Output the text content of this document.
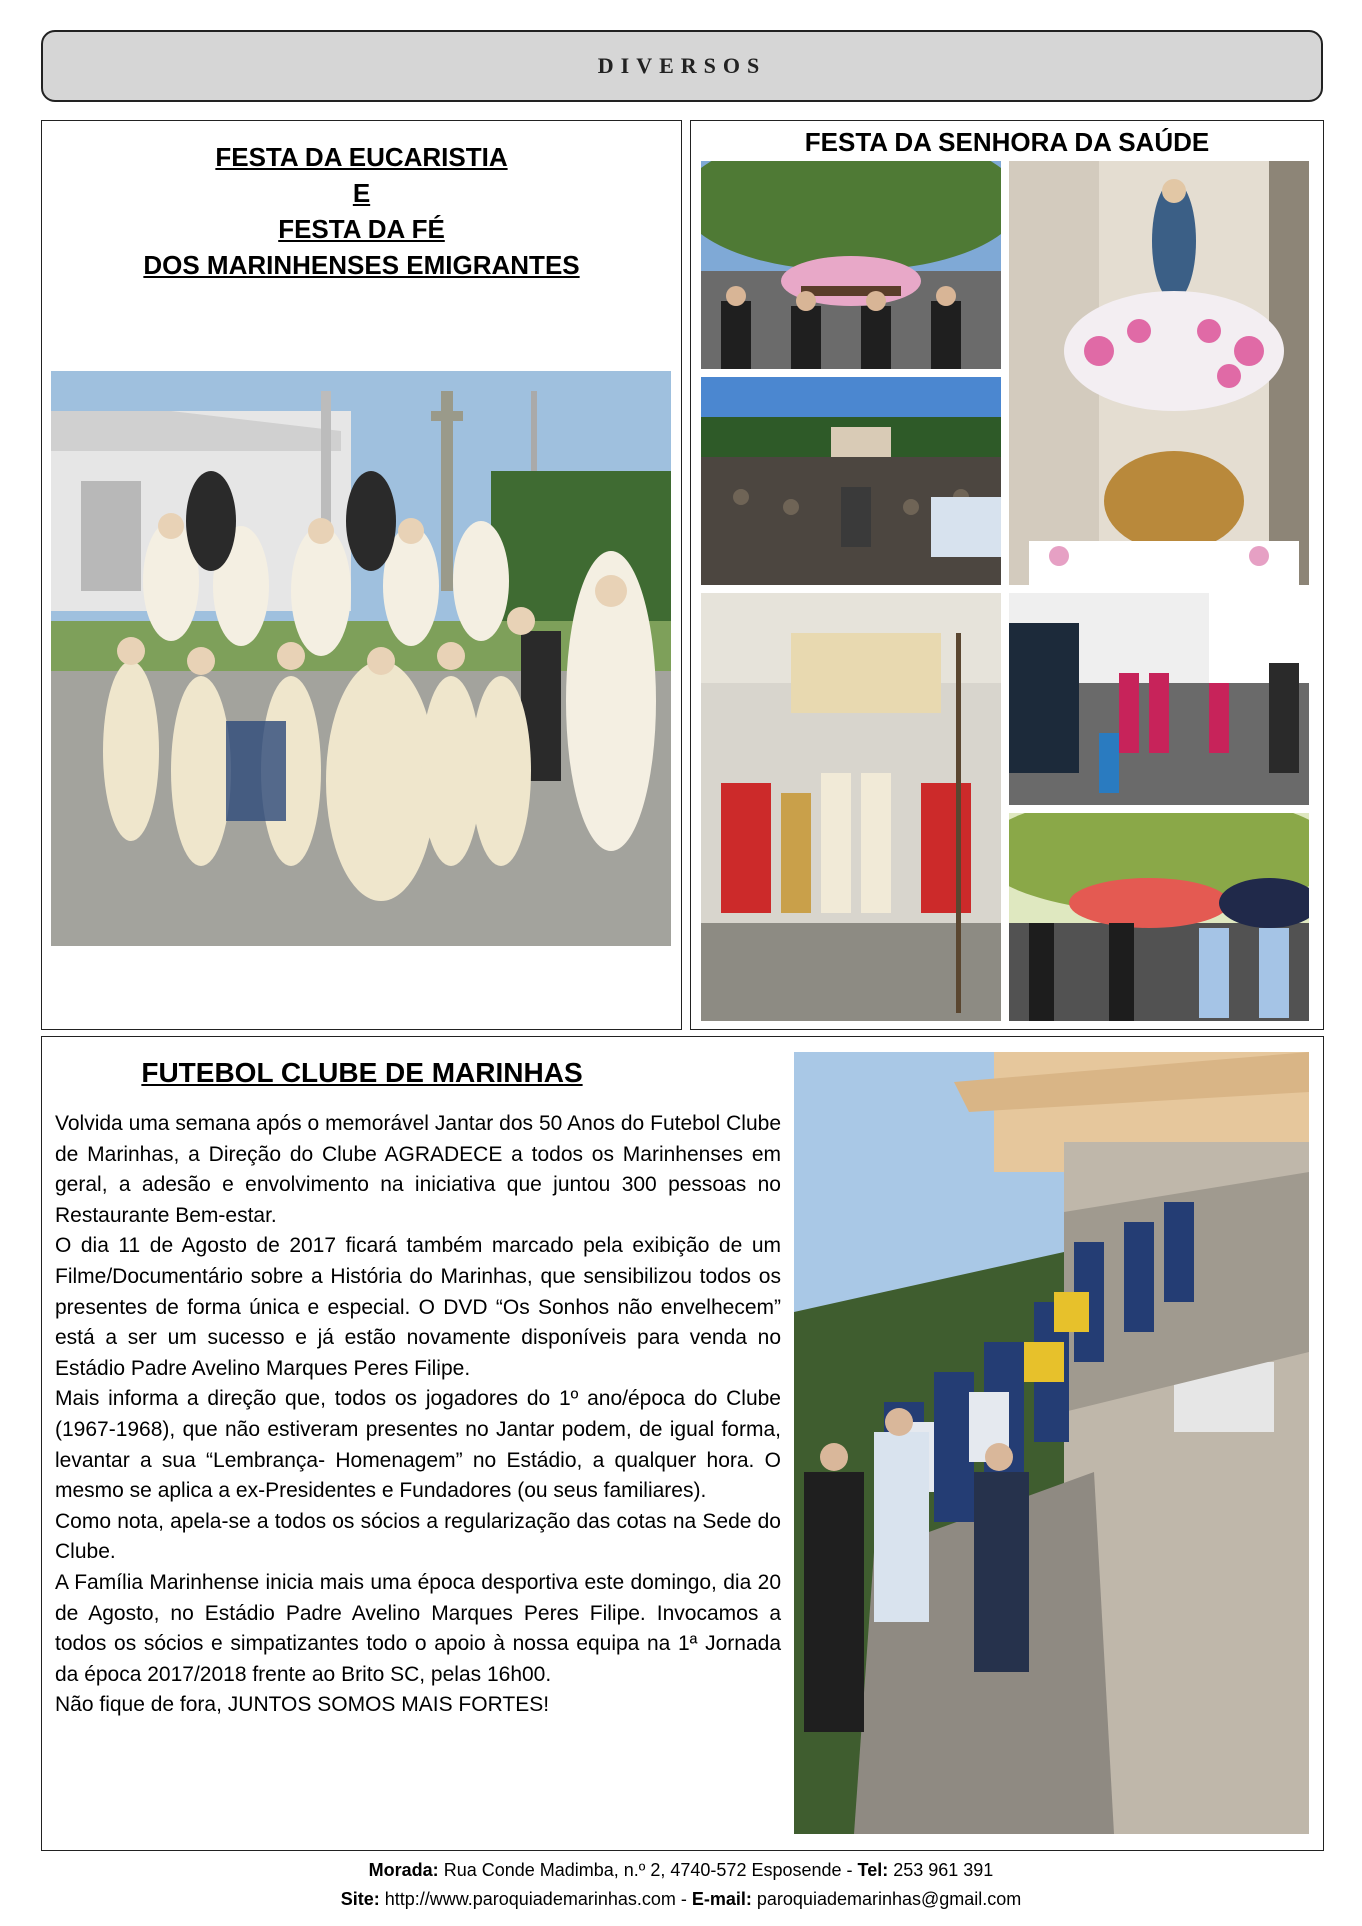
DIVERSOS
FESTA DA EUCARISTIA
E
FESTA DA FÉ
DOS MARINHENSES EMIGRANTES
FESTA DA SENHORA DA SAÚDE
FUTEBOL CLUBE DE MARINHAS

Volvida uma semana após o memorável Jantar dos 50 Anos do Futebol Clube de Marinhas, a Direção do Clube AGRADECE a todos os Marinhenses em geral, a adesão e envolvimento na iniciativa que juntou 300 pessoas no Restaurante Bem-estar.

O dia 11 de Agosto de 2017 ficará também marcado pela exibição de um Filme/Documentário sobre a História do Marinhas, que sensibilizou todos os presentes de forma única e especial. O DVD “Os Sonhos não envelhecem” está a ser um sucesso e já estão novamente disponíveis para venda no Estádio Padre Avelino Marques Peres Filipe.

Mais informa a direção que, todos os jogadores do 1º ano/época do Clube (1967-1968), que não estiveram presentes no Jantar podem, de igual forma, levantar a sua “Lembrança- Homenagem” no Estádio, a qualquer hora. O mesmo se aplica a ex-Presidentes e Fundadores (ou seus familiares).

Como nota, apela-se a todos os sócios a regularização das cotas na Sede do Clube.

A Família Marinhense inicia mais uma época desportiva este domingo, dia 20 de Agosto, no Estádio Padre Avelino Marques Peres Filipe. Invocamos a todos os sócios e simpatizantes todo o apoio à nossa equipa na 1ª Jornada da época 2017/2018 frente ao Brito SC, pelas 16h00.

Não fique de fora, JUNTOS SOMOS MAIS FORTES!

Morada: Rua Conde Madimba, n.º 2, 4740-572 Esposende - Tel: 253 961 391
Site: http://www.paroquiademarinhas.com - E-mail: paroquiademarinhas@gmail.com
